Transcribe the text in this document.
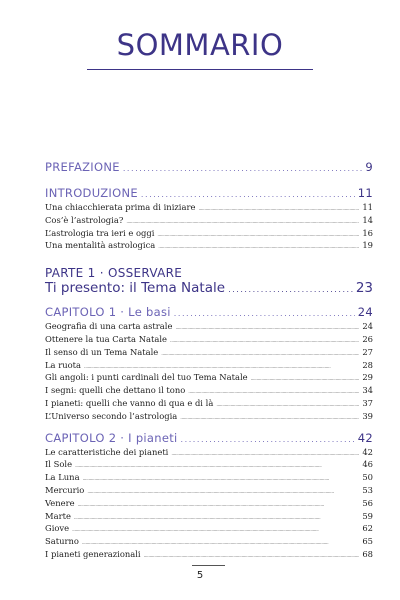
SOMMARIO
PREFAZIONE . . .	9
INTRODUZIONE . . .	11
Una chiacchierata prima di iniziare . . .	11
Cos’è l’astrologia? . . .	14
L’astrologia tra ieri e oggi . . .	16
Una mentalità astrologica . . .	19
PARTE 1 · OSSERVARE
Ti presento: il Tema Natale . . .	23
CAPITOLO 1 · Le basi . . .	24
Geografia di una carta astrale . . .	24
Ottenere la tua Carta Natale . . .	26
Il senso di un Tema Natale . . .	27
La ruota . . .	28
Gli angoli: i punti cardinali del tuo Tema Natale . . .	29
I segni: quelli che dettano il tono . . .	34
I pianeti: quelli che vanno di qua e di là . . .	37
L’Universo secondo l’astrologia . . .	39
CAPITOLO 2 · I pianeti . . .	42
Le caratteristiche dei pianeti . . .	42
Il Sole . . .	46
La Luna . . .	50
Mercurio . . .	53
Venere . . .	56
Marte . . .	59
Giove . . .	62
Saturno . . .	65
I pianeti generazionali . . .	68
5
